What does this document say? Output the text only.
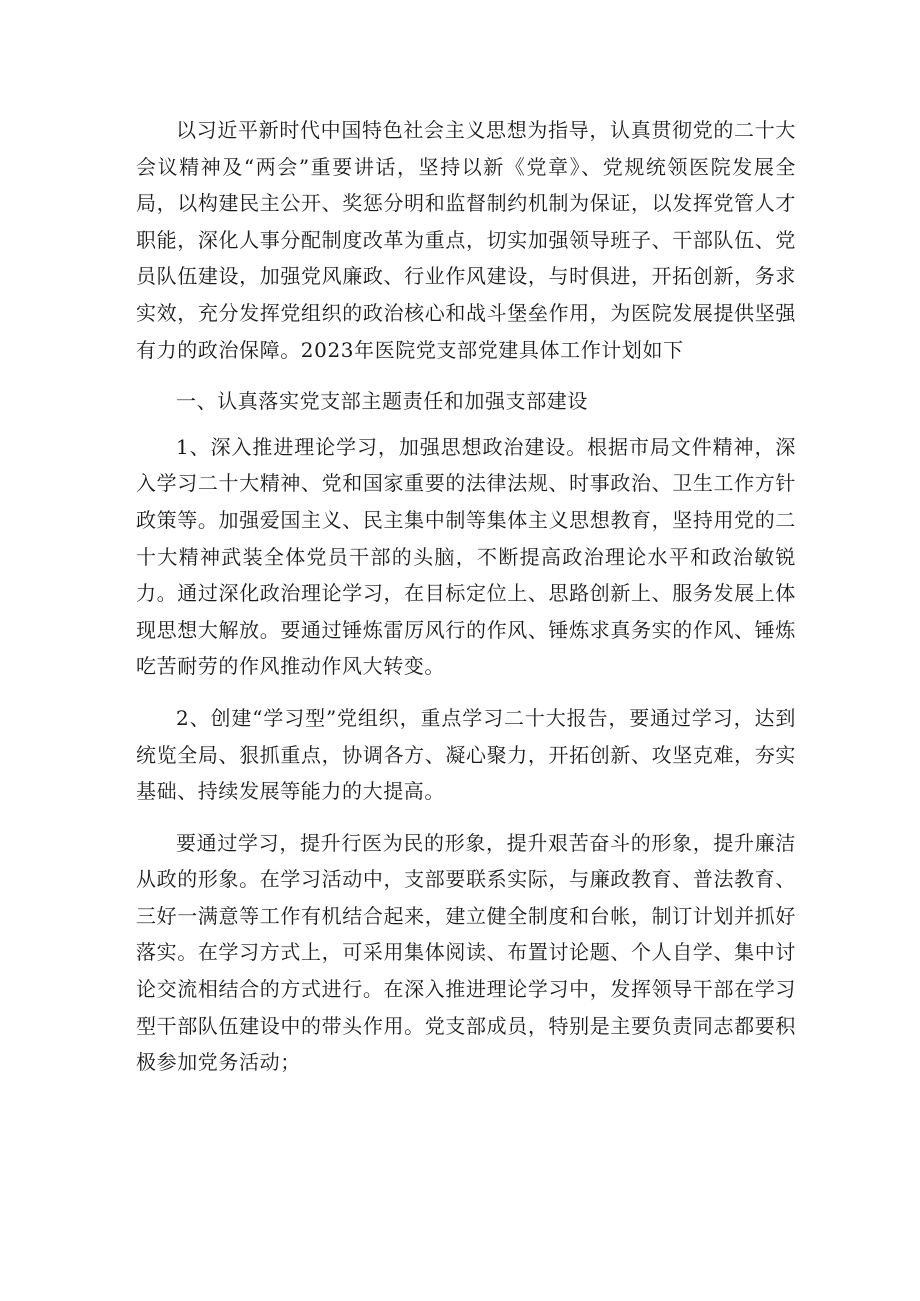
以习近平新时代中国特色社会主义思想为指导，认真贯彻党的二十大会议精神及“两会”重要讲话，坚持以新《党章》、党规统领医院发展全局，以构建民主公开、奖惩分明和监督制约机制为保证，以发挥党管人才职能，深化人事分配制度改革为重点，切实加强领导班子、干部队伍、党员队伍建设，加强党风廉政、行业作风建设，与时俱进，开拓创新，务求实效，充分发挥党组织的政治核心和战斗堡垒作用，为医院发展提供坚强有力的政治保障。2023年医院党支部党建具体工作计划如下

一、认真落实党支部主题责任和加强支部建设

1、深入推进理论学习，加强思想政治建设。根据市局文件精神，深入学习二十大精神、党和国家重要的法律法规、时事政治、卫生工作方针政策等。加强爱国主义、民主集中制等集体主义思想教育，坚持用党的二十大精神武装全体党员干部的头脑，不断提高政治理论水平和政治敏锐力。通过深化政治理论学习，在目标定位上、思路创新上、服务发展上体现思想大解放。要通过锤炼雷厉风行的作风、锤炼求真务实的作风、锤炼吃苦耐劳的作风推动作风大转变。

2、创建“学习型”党组织，重点学习二十大报告，要通过学习，达到统览全局、狠抓重点，协调各方、凝心聚力，开拓创新、攻坚克难，夯实基础、持续发展等能力的大提高。

要通过学习，提升行医为民的形象，提升艰苦奋斗的形象，提升廉洁从政的形象。在学习活动中，支部要联系实际，与廉政教育、普法教育、三好一满意等工作有机结合起来，建立健全制度和台帐，制订计划并抓好落实。在学习方式上，可采用集体阅读、布置讨论题、个人自学、集中讨论交流相结合的方式进行。在深入推进理论学习中，发挥领导干部在学习型干部队伍建设中的带头作用。党支部成员，特别是主要负责同志都要积极参加党务活动；
